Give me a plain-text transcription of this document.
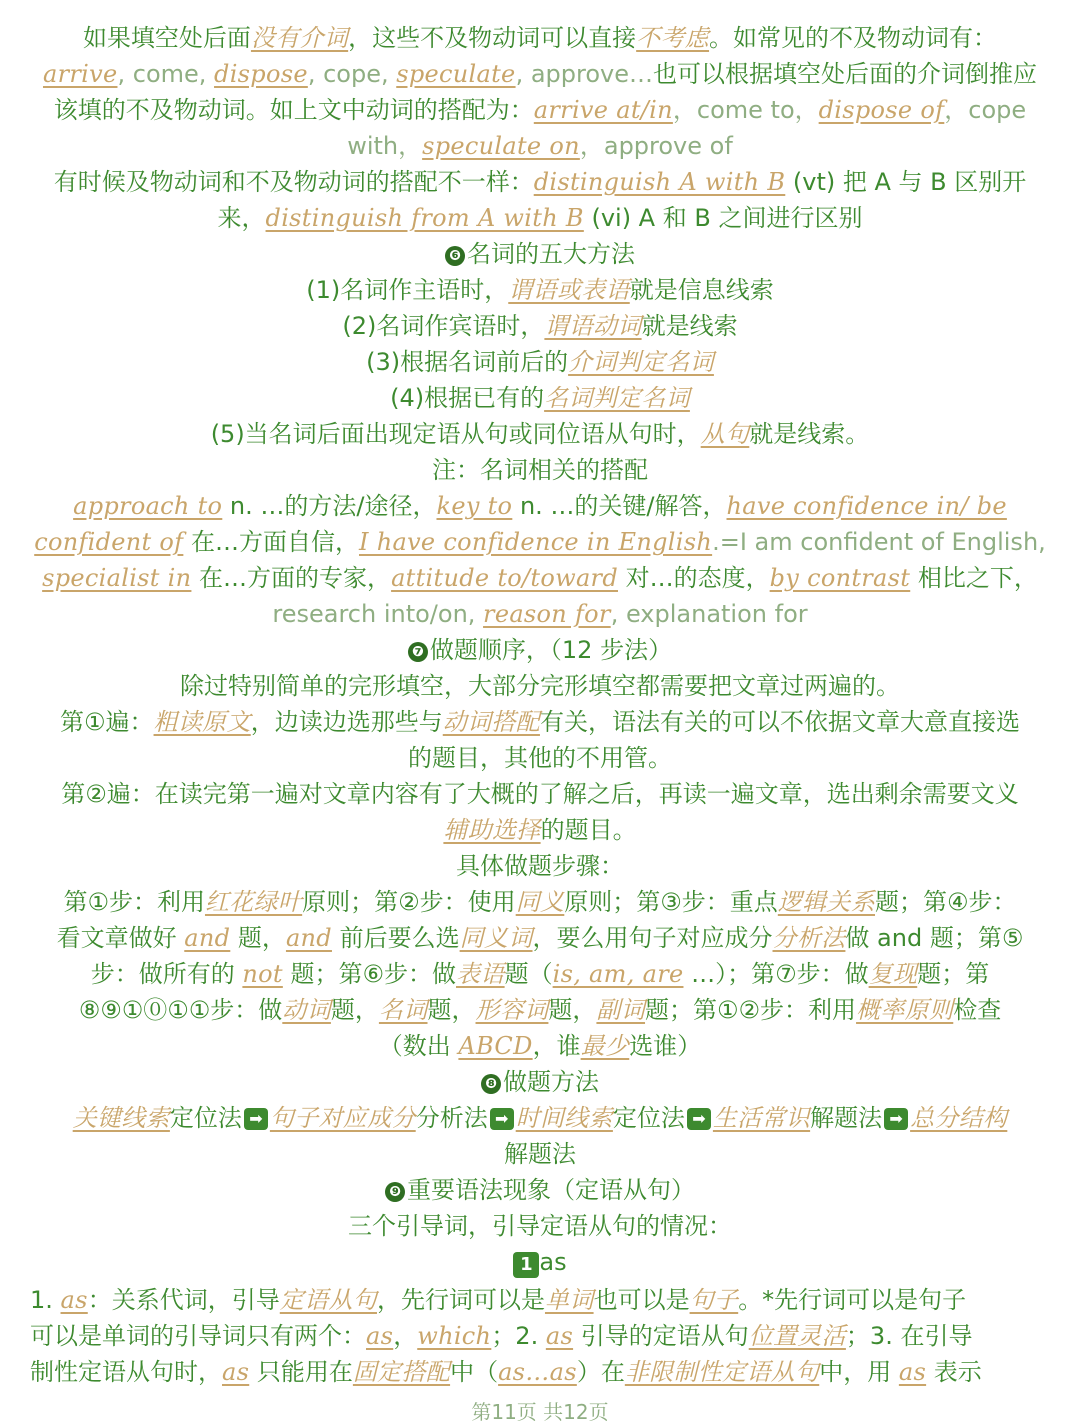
如果填空处后面没有介词，这些不及物动词可以直接不考虑。如常见的不及物动词有：
arrive, come, dispose, cope, speculate, approve…也可以根据填空处后面的介词倒推应
该填的不及物动词。如上文中动词的搭配为：arrive at/in，come to，dispose of，cope
with，speculate on，approve of
有时候及物动词和不及物动词的搭配不一样：distinguish A with B (vt) 把 A 与 B 区别开
来，distinguish from A with B (vi) A 和 B 之间进行区别
❻ 名词的五大方法
(1)名词作主语时，谓语或表语就是信息线索
(2)名词作宾语时，谓语动词就是线索
(3)根据名词前后的介词判定名词
(4)根据已有的名词判定名词
(5)当名词后面出现定语从句或同位语从句时，从句就是线索。
注：名词相关的搭配
approach to n. …的方法/途径，key to n. …的关键/解答，have confidence in/ be
confident of 在…方面自信，I have confidence in English.=I am confident of English,
specialist in 在…方面的专家，attitude to/toward 对…的态度，by contrast 相比之下，
research into/on, reason for, explanation for
❼ 做题顺序，（12 步法）
除过特别简单的完形填空，大部分完形填空都需要把文章过两遍的。
第①遍：粗读原文，边读边选那些与动词搭配有关，语法有关的可以不依据文章大意直接选
的题目，其他的不用管。
第②遍：在读完第一遍对文章内容有了大概的了解之后，再读一遍文章，选出剩余需要文义
辅助选择的题目。
具体做题步骤：
第①步：利用红花绿叶原则；第②步：使用同义原则；第③步：重点逻辑关系题；第④步：
看文章做好 and 题，and 前后要么选同义词，要么用句子对应成分分析法做 and 题；第⑤
步：做所有的 not 题；第⑥步：做表语题（is, am, are …）；第⑦步：做复现题；第
⑧⑨①⓪①①步：做动词题，名词题，形容词题，副词题；第①②步：利用概率原则检查
（数出 ABCD，谁最少选谁）
❽ 做题方法
关键线索定位法 ➡ 句子对应成分分析法 ➡ 时间线索定位法 ➡ 生活常识解题法 ➡ 总分结构
解题法
❾ 重要语法现象（定语从句）
三个引导词，引导定语从句的情况：
1 as
1. as：关系代词，引导定语从句，先行词可以是单词也可以是句子。*先行词可以是句子
可以是单词的引导词只有两个：as，which；2. as 引导的定语从句位置灵活；3. 在引导
制性定语从句时，as 只能用在固定搭配中（as…as）在非限制性定语从句中，用 as 表示
第11页 共12页
